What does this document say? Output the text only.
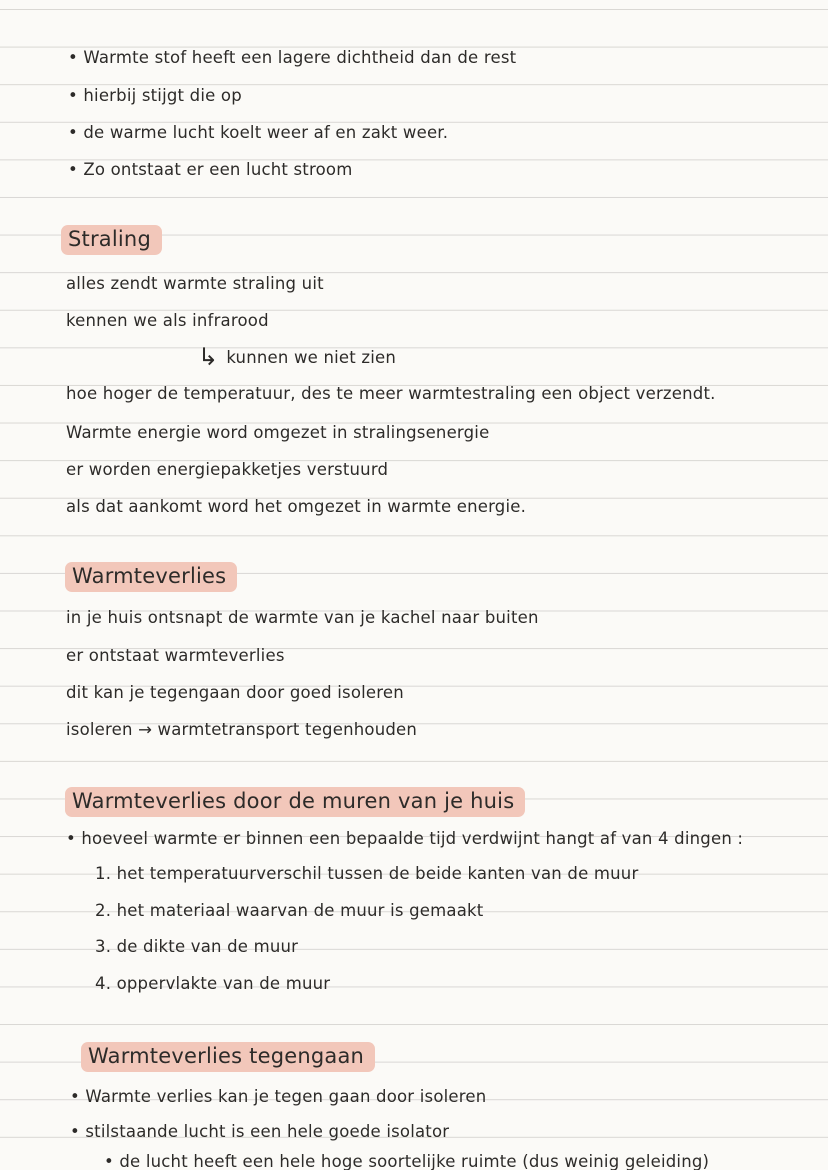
• Warmte stof heeft een lagere dichtheid dan de rest
• hierbij stijgt die op
• de warme lucht koelt weer af en zakt weer.
• Zo ontstaat er een lucht stroom
Straling
alles zendt warmte straling uit
kennen we als infrarood
↳ kunnen we niet zien
hoe hoger de temperatuur, des te meer warmtestraling een object verzendt.
Warmte energie word omgezet in stralingsenergie
er worden energiepakketjes verstuurd
als dat aankomt word het omgezet in warmte energie.
Warmteverlies
in je huis ontsnapt de warmte van je kachel naar buiten
er ontstaat warmteverlies
dit kan je tegengaan door goed isoleren
isoleren → warmtetransport tegenhouden
Warmteverlies door de muren van je huis
• hoeveel warmte er binnen een bepaalde tijd verdwijnt hangt af van 4 dingen :
1. het temperatuurverschil tussen de beide kanten van de muur
2. het materiaal waarvan de muur is gemaakt
3. de dikte van de muur
4. oppervlakte van de muur
Warmteverlies tegengaan
• Warmte verlies kan je tegen gaan door isoleren
• stilstaande lucht is een hele goede isolator
• de lucht heeft een hele hoge soortelijke ruimte (dus weinig geleiding)
